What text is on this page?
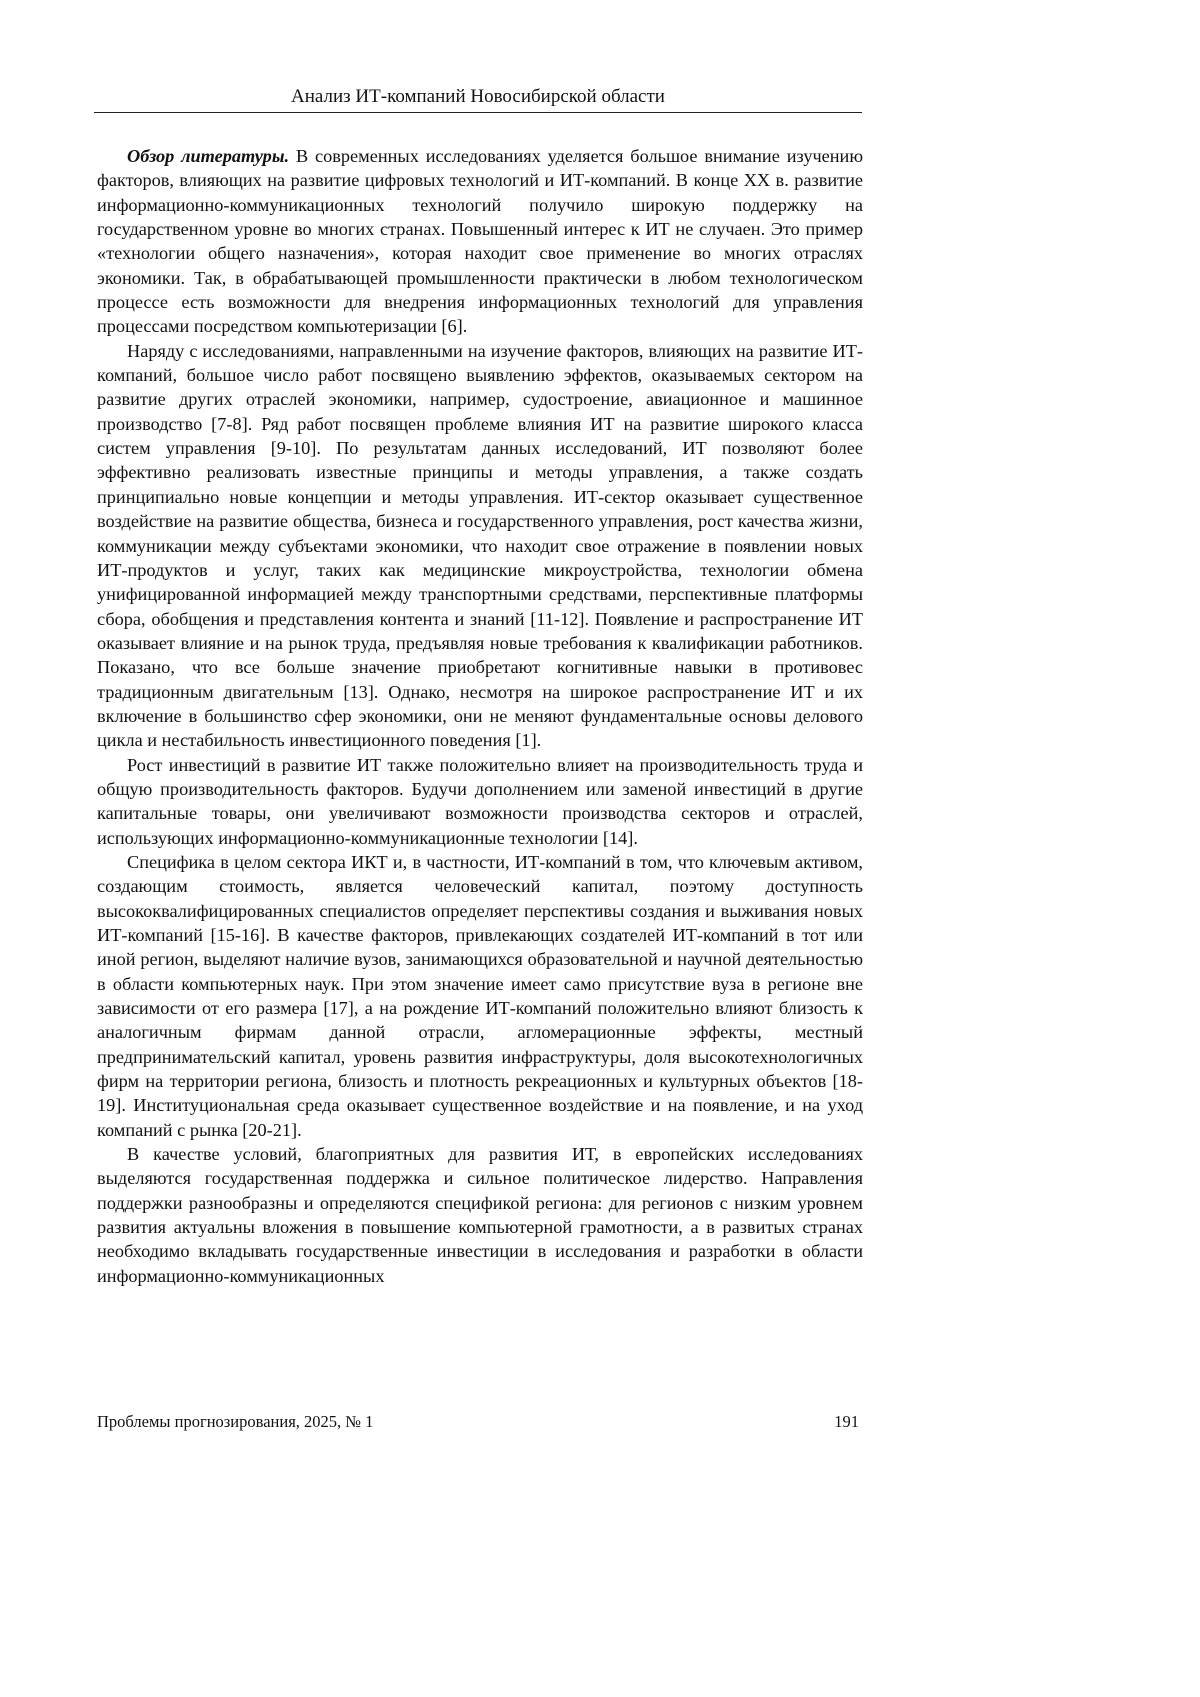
Анализ ИТ-компаний Новосибирской области

Обзор литературы. В современных исследованиях уделяется большое внимание изучению факторов, влияющих на развитие цифровых технологий и ИТ-компаний. В конце XX в. развитие информационно-коммуникационных технологий получило широкую поддержку на государственном уровне во многих странах. Повышенный интерес к ИТ не случаен. Это пример «технологии общего назначения», которая находит свое применение во многих отраслях экономики. Так, в обрабатывающей промышленности практически в любом технологическом процессе есть возможности для внедрения информационных технологий для управления процессами посредством компьютеризации [6].

Наряду с исследованиями, направленными на изучение факторов, влияющих на развитие ИТ-компаний, большое число работ посвящено выявлению эффектов, оказываемых сектором на развитие других отраслей экономики, например, судостроение, авиационное и машинное производство [7-8]. Ряд работ посвящен проблеме влияния ИТ на развитие широкого класса систем управления [9-10]. По результатам данных исследований, ИТ позволяют более эффективно реализовать известные принципы и методы управления, а также создать принципиально новые концепции и методы управления. ИТ-сектор оказывает существенное воздействие на развитие общества, бизнеса и государственного управления, рост качества жизни, коммуникации между субъектами экономики, что находит свое отражение в появлении новых ИТ-продуктов и услуг, таких как медицинские микроустройства, технологии обмена унифицированной информацией между транспортными средствами, перспективные платформы сбора, обобщения и представления контента и знаний [11-12]. Появление и распространение ИТ оказывает влияние и на рынок труда, предъявляя новые требования к квалификации работников. Показано, что все больше значение приобретают когнитивные навыки в противовес традиционным двигательным [13]. Однако, несмотря на широкое распространение ИТ и их включение в большинство сфер экономики, они не меняют фундаментальные основы делового цикла и нестабильность инвестиционного поведения [1].

Рост инвестиций в развитие ИТ также положительно влияет на производительность труда и общую производительность факторов. Будучи дополнением или заменой инвестиций в другие капитальные товары, они увеличивают возможности производства секторов и отраслей, использующих информационно-коммуникационные технологии [14].

Специфика в целом сектора ИКТ и, в частности, ИТ-компаний в том, что ключевым активом, создающим стоимость, является человеческий капитал, поэтому доступность высококвалифицированных специалистов определяет перспективы создания и выживания новых ИТ-компаний [15-16]. В качестве факторов, привлекающих создателей ИТ-компаний в тот или иной регион, выделяют наличие вузов, занимающихся образовательной и научной деятельностью в области компьютерных наук. При этом значение имеет само присутствие вуза в регионе вне зависимости от его размера [17], а на рождение ИТ-компаний положительно влияют близость к аналогичным фирмам данной отрасли, агломерационные эффекты, местный предпринимательский капитал, уровень развития инфраструктуры, доля высокотехнологичных фирм на территории региона, близость и плотность рекреационных и культурных объектов [18-19]. Институциональная среда оказывает существенное воздействие и на появление, и на уход компаний с рынка [20-21].

В качестве условий, благоприятных для развития ИТ, в европейских исследованиях выделяются государственная поддержка и сильное политическое лидерство. Направления поддержки разнообразны и определяются спецификой региона: для регионов с низким уровнем развития актуальны вложения в повышение компьютерной грамотности, а в развитых странах необходимо вкладывать государственные инвестиции в исследования и разработки в области информационно-коммуникационных

Проблемы прогнозирования, 2025, № 1	191
